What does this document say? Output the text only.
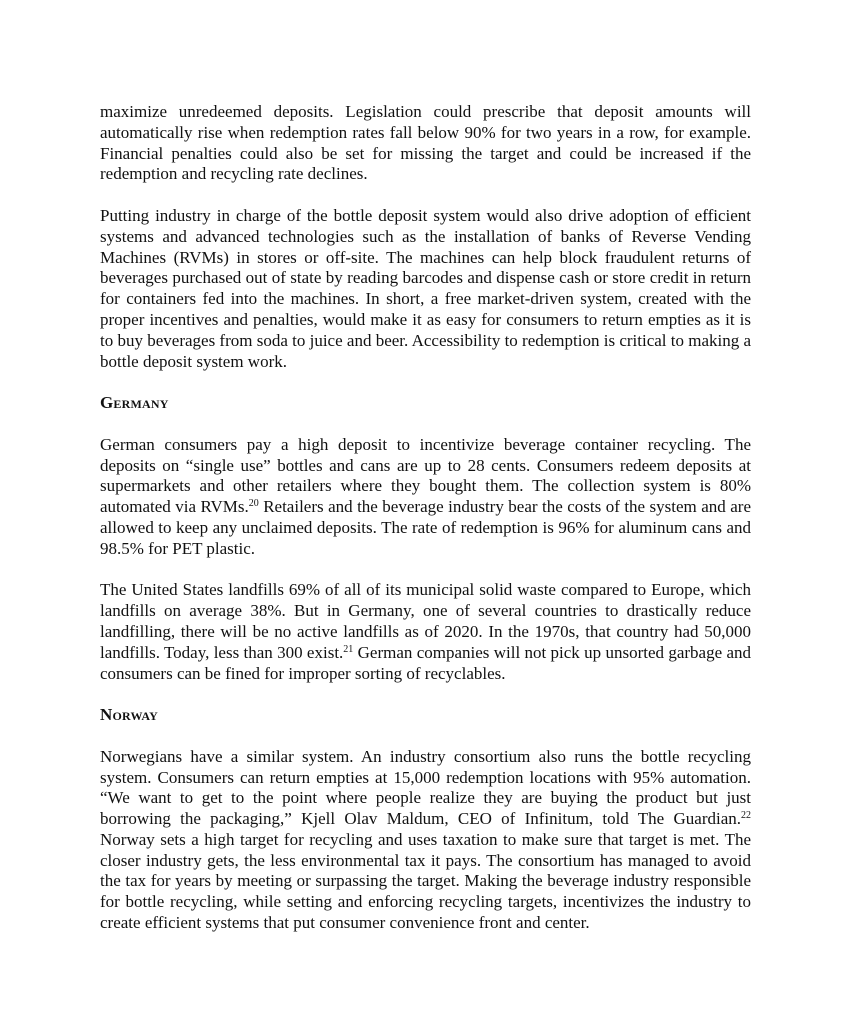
maximize unredeemed deposits. Legislation could prescribe that deposit amounts will automatically rise when redemption rates fall below 90% for two years in a row, for example. Financial penalties could also be set for missing the target and could be increased if the redemption and recycling rate declines.

Putting industry in charge of the bottle deposit system would also drive adoption of efficient systems and advanced technologies such as the installation of banks of Reverse Vending Machines (RVMs) in stores or off-site. The machines can help block fraudulent returns of beverages purchased out of state by reading barcodes and dispense cash or store credit in return for containers fed into the machines. In short, a free market-driven system, created with the proper incentives and penalties, would make it as easy for consumers to return empties as it is to buy beverages from soda to juice and beer. Accessibility to redemption is critical to making a bottle deposit system work.

Germany

German consumers pay a high deposit to incentivize beverage container recycling. The deposits on “single use” bottles and cans are up to 28 cents. Consumers redeem deposits at supermarkets and other retailers where they bought them. The collection system is 80% automated via RVMs.$^{20}$ Retailers and the beverage industry bear the costs of the system and are allowed to keep any unclaimed deposits. The rate of redemption is 96% for aluminum cans and 98.5% for PET plastic.

The United States landfills 69% of all of its municipal solid waste compared to Europe, which landfills on average 38%. But in Germany, one of several countries to drastically reduce landfilling, there will be no active landfills as of 2020. In the 1970s, that country had 50,000 landfills. Today, less than 300 exist.$^{21}$ German companies will not pick up unsorted garbage and consumers can be fined for improper sorting of recyclables.

Norway

Norwegians have a similar system. An industry consortium also runs the bottle recycling system. Consumers can return empties at 15,000 redemption locations with 95% automation. “We want to get to the point where people realize they are buying the product but just borrowing the packaging,” Kjell Olav Maldum, CEO of Infinitum, told The Guardian.$^{22}$ Norway sets a high target for recycling and uses taxation to make sure that target is met. The closer industry gets, the less environmental tax it pays. The consortium has managed to avoid the tax for years by meeting or surpassing the target. Making the beverage industry responsible for bottle recycling, while setting and enforcing recycling targets, incentivizes the industry to create efficient systems that put consumer convenience front and center.
